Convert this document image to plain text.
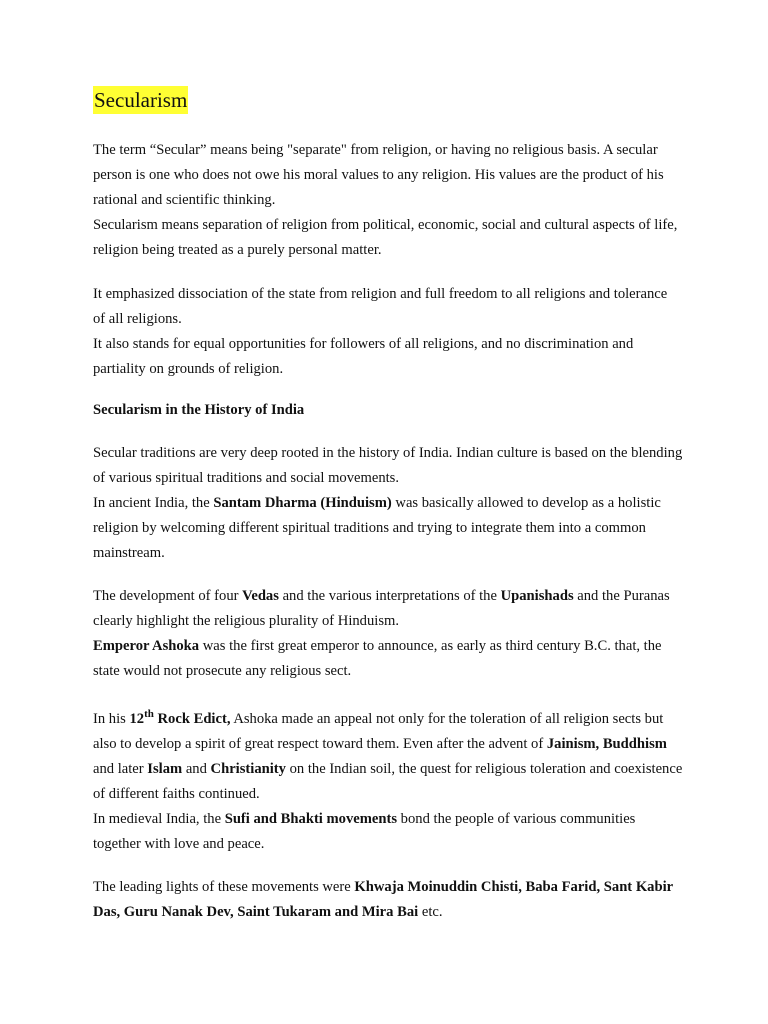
Secularism

The term “Secular” means being "separate" from religion, or having no religious basis. A secular person is one who does not owe his moral values to any religion. His values are the product of his rational and scientific thinking.

Secularism means separation of religion from political, economic, social and cultural aspects of life, religion being treated as a purely personal matter.

It emphasized dissociation of the state from religion and full freedom to all religions and tolerance of all religions.

It also stands for equal opportunities for followers of all religions, and no discrimination and partiality on grounds of religion.

Secularism in the History of India

Secular traditions are very deep rooted in the history of India. Indian culture is based on the blending of various spiritual traditions and social movements.

In ancient India, the Santam Dharma (Hinduism) was basically allowed to develop as a holistic religion by welcoming different spiritual traditions and trying to integrate them into a common mainstream.

The development of four Vedas and the various interpretations of the Upanishads and the Puranas clearly highlight the religious plurality of Hinduism.

Emperor Ashoka was the first great emperor to announce, as early as third century B.C. that, the state would not prosecute any religious sect.

In his 12th Rock Edict, Ashoka made an appeal not only for the toleration of all religion sects but also to develop a spirit of great respect toward them. Even after the advent of Jainism, Buddhism and later Islam and Christianity on the Indian soil, the quest for religious toleration and coexistence of different faiths continued.

In medieval India, the Sufi and Bhakti movements bond the people of various communities together with love and peace.

The leading lights of these movements were Khwaja Moinuddin Chisti, Baba Farid, Sant Kabir Das, Guru Nanak Dev, Saint Tukaram and Mira Bai etc.
